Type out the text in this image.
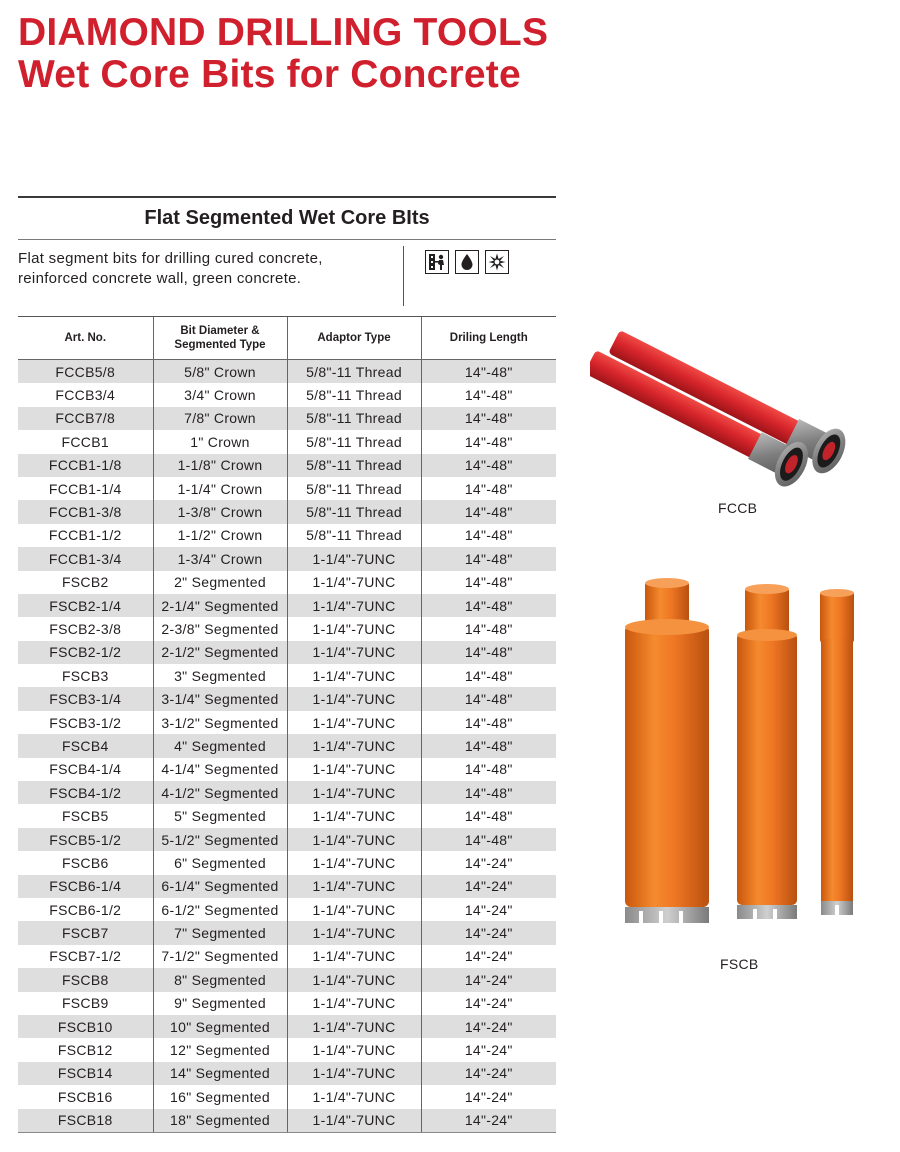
DIAMOND DRILLING TOOLS
Wet Core Bits for Concrete
Flat Segmented Wet Core BIts
Flat segment bits for drilling cured concrete, reinforced concrete wall, green concrete.
Art. No.	Bit Diameter & Segmented Type	Adaptor Type	Driling Length
FCCB5/8	5/8" Crown	5/8"-11 Thread	14"-48"
FCCB3/4	3/4" Crown	5/8"-11 Thread	14"-48"
FCCB7/8	7/8" Crown	5/8"-11 Thread	14"-48"
FCCB1	1" Crown	5/8"-11 Thread	14"-48"
FCCB1-1/8	1-1/8" Crown	5/8"-11 Thread	14"-48"
FCCB1-1/4	1-1/4" Crown	5/8"-11 Thread	14"-48"
FCCB1-3/8	1-3/8" Crown	5/8"-11 Thread	14"-48"
FCCB1-1/2	1-1/2" Crown	5/8"-11 Thread	14"-48"
FCCB1-3/4	1-3/4" Crown	1-1/4"-7UNC	14"-48"
FSCB2	2" Segmented	1-1/4"-7UNC	14"-48"
FSCB2-1/4	2-1/4" Segmented	1-1/4"-7UNC	14"-48"
FSCB2-3/8	2-3/8" Segmented	1-1/4"-7UNC	14"-48"
FSCB2-1/2	2-1/2" Segmented	1-1/4"-7UNC	14"-48"
FSCB3	3" Segmented	1-1/4"-7UNC	14"-48"
FSCB3-1/4	3-1/4" Segmented	1-1/4"-7UNC	14"-48"
FSCB3-1/2	3-1/2" Segmented	1-1/4"-7UNC	14"-48"
FSCB4	4" Segmented	1-1/4"-7UNC	14"-48"
FSCB4-1/4	4-1/4" Segmented	1-1/4"-7UNC	14"-48"
FSCB4-1/2	4-1/2" Segmented	1-1/4"-7UNC	14"-48"
FSCB5	5" Segmented	1-1/4"-7UNC	14"-48"
FSCB5-1/2	5-1/2" Segmented	1-1/4"-7UNC	14"-48"
FSCB6	6" Segmented	1-1/4"-7UNC	14"-24"
FSCB6-1/4	6-1/4" Segmented	1-1/4"-7UNC	14"-24"
FSCB6-1/2	6-1/2" Segmented	1-1/4"-7UNC	14"-24"
FSCB7	7" Segmented	1-1/4"-7UNC	14"-24"
FSCB7-1/2	7-1/2" Segmented	1-1/4"-7UNC	14"-24"
FSCB8	8" Segmented	1-1/4"-7UNC	14"-24"
FSCB9	9" Segmented	1-1/4"-7UNC	14"-24"
FSCB10	10" Segmented	1-1/4"-7UNC	14"-24"
FSCB12	12" Segmented	1-1/4"-7UNC	14"-24"
FSCB14	14" Segmented	1-1/4"-7UNC	14"-24"
FSCB16	16" Segmented	1-1/4"-7UNC	14"-24"
FSCB18	18" Segmented	1-1/4"-7UNC	14"-24"
FCCB
FSCB
